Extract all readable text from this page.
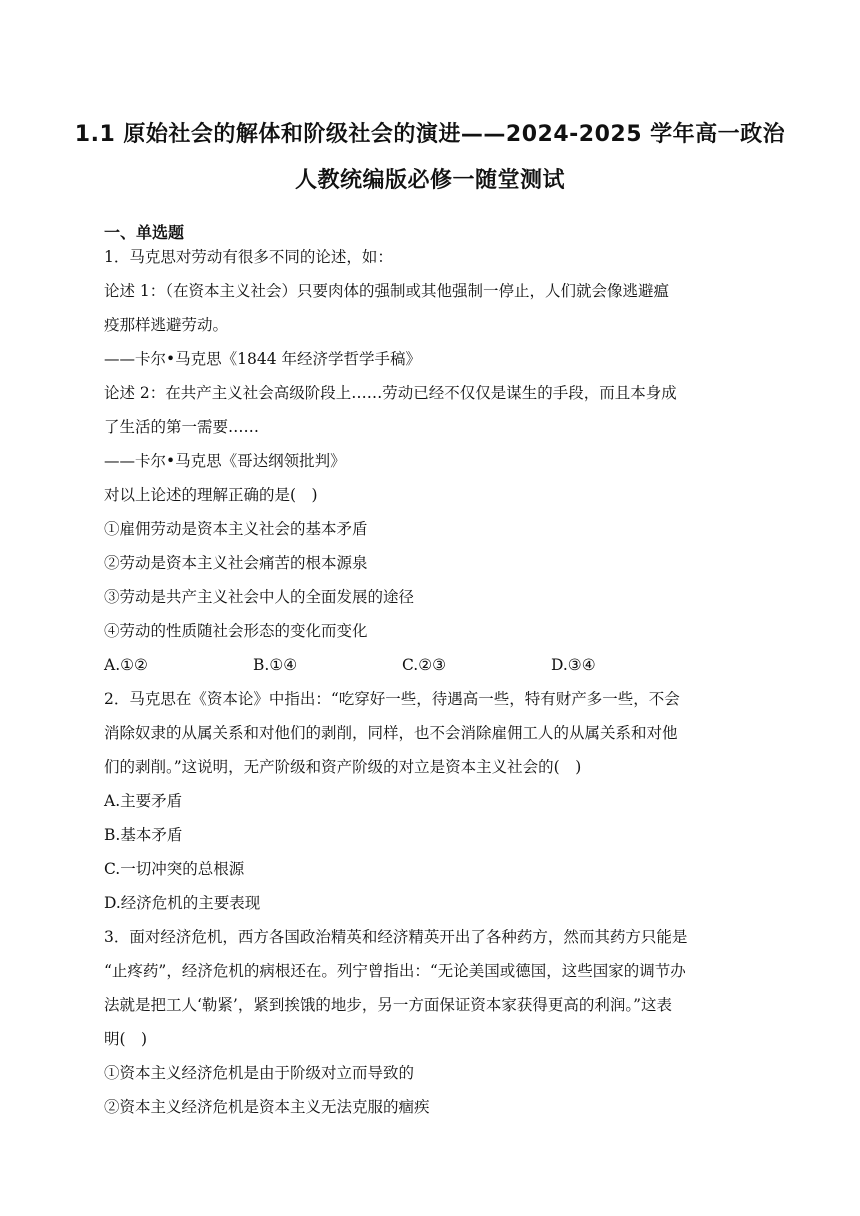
1.1 原始社会的解体和阶级社会的演进——2024-2025 学年高一政治
人教统编版必修一随堂测试
一、单选题
1．马克思对劳动有很多不同的论述，如：
论述 1：（在资本主义社会）只要肉体的强制或其他强制一停止，人们就会像逃避瘟
疫那样逃避劳动。
——卡尔•马克思《1844 年经济学哲学手稿》
论述 2：在共产主义社会高级阶段上……劳动已经不仅仅是谋生的手段，而且本身成
了生活的第一需要……
——卡尔•马克思《哥达纲领批判》
对以上论述的理解正确的是(　)
①雇佣劳动是资本主义社会的基本矛盾
②劳动是资本主义社会痛苦的根本源泉
③劳动是共产主义社会中人的全面发展的途径
④劳动的性质随社会形态的变化而变化
A.①②	B.①④	C.②③	D.③④
2．马克思在《资本论》中指出：“吃穿好一些，待遇高一些，特有财产多一些，不会
消除奴隶的从属关系和对他们的剥削，同样，也不会消除雇佣工人的从属关系和对他
们的剥削。”这说明，无产阶级和资产阶级的对立是资本主义社会的(　)
A.主要矛盾
B.基本矛盾
C.一切冲突的总根源
D.经济危机的主要表现
3．面对经济危机，西方各国政治精英和经济精英开出了各种药方，然而其药方只能是
“止疼药”，经济危机的病根还在。列宁曾指出：“无论美国或德国，这些国家的调节办
法就是把工人‘勒紧’，紧到挨饿的地步，另一方面保证资本家获得更高的利润。”这表
明(　)
①资本主义经济危机是由于阶级对立而导致的
②资本主义经济危机是资本主义无法克服的痼疾
